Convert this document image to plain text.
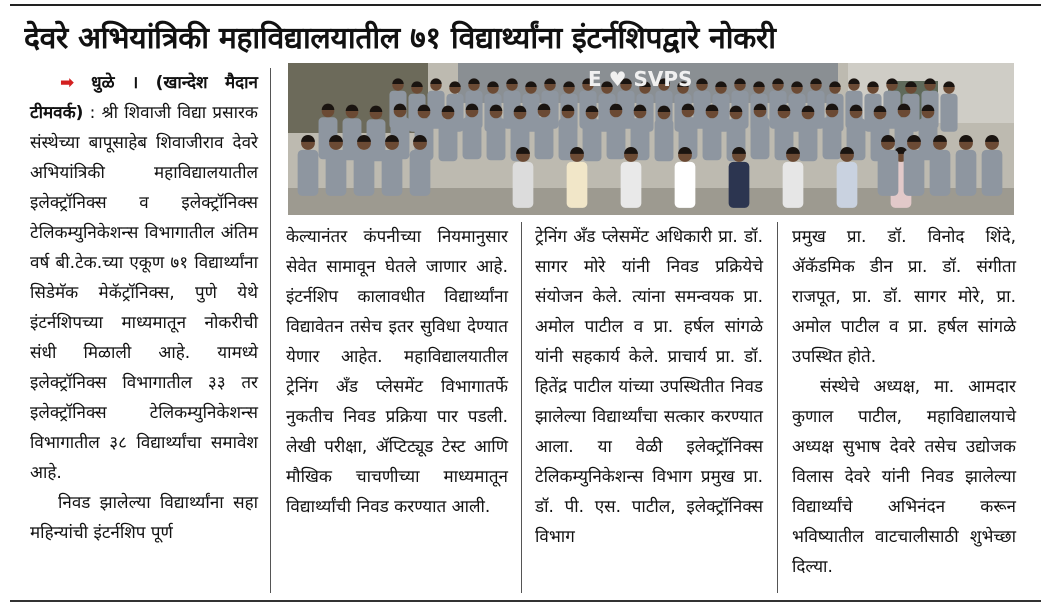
देवरे अभियांत्रिकी महाविद्यालयातील ७१ विद्यार्थ्यांना इंटर्नशिपद्वारे नोकरी
E ♥ SVPS

➡ धुळे । (खान्देश मैदान टीमवर्क) : श्री शिवाजी विद्या प्रसारक संस्थेच्या बापूसाहेब शिवाजीराव देवरे अभियांत्रिकी महाविद्यालयातील इलेक्ट्रॉनिक्स व इलेक्ट्रॉनिक्स टेलिकम्युनिकेशन्स विभागातील अंतिम वर्ष बी.टेक.च्या एकूण ७१ विद्यार्थ्यांना सिडेमॅक मेकॅट्रॉनिक्स, पुणे येथे इंटर्नशिपच्या माध्यमातून नोकरीची संधी मिळाली आहे. यामध्ये इलेक्ट्रॉनिक्स विभागातील ३३ तर इलेक्ट्रॉनिक्स टेलिकम्युनिकेशन्स विभागातील ३८ विद्यार्थ्यांचा समावेश आहे.

निवड झालेल्या विद्यार्थ्यांना सहा महिन्यांची इंटर्नशिप पूर्ण

केल्यानंतर कंपनीच्या नियमानुसार सेवेत सामावून घेतले जाणार आहे. इंटर्नशिप कालावधीत विद्यार्थ्यांना विद्यावेतन तसेच इतर सुविधा देण्यात येणार आहेत. महाविद्यालयातील ट्रेनिंग अँड प्लेसमेंट विभागातर्फे नुकतीच निवड प्रक्रिया पार पडली. लेखी परीक्षा, ॲप्टिट्यूड टेस्ट आणि मौखिक चाचणीच्या माध्यमातून विद्यार्थ्यांची निवड करण्यात आली.

ट्रेनिंग अँड प्लेसमेंट अधिकारी प्रा. डॉ. सागर मोरे यांनी निवड प्रक्रियेचे संयोजन केले. त्यांना समन्वयक प्रा. अमोल पाटील व प्रा. हर्षल सांगळे यांनी सहकार्य केले. प्राचार्य प्रा. डॉ. हितेंद्र पाटील यांच्या उपस्थितीत निवड झालेल्या विद्यार्थ्यांचा सत्कार करण्यात आला. या वेळी इलेक्ट्रॉनिक्स टेलिकम्युनिकेशन्स विभाग प्रमुख प्रा. डॉ. पी. एस. पाटील, इलेक्ट्रॉनिक्स विभाग

प्रमुख प्रा. डॉ. विनोद शिंदे, ॲकॅडमिक डीन प्रा. डॉ. संगीता राजपूत, प्रा. डॉ. सागर मोरे, प्रा. अमोल पाटील व प्रा. हर्षल सांगळे उपस्थित होते.

संस्थेचे अध्यक्ष, मा. आमदार कुणाल पाटील, महाविद्यालयाचे अध्यक्ष सुभाष देवरे तसेच उद्योजक विलास देवरे यांनी निवड झालेल्या विद्यार्थ्यांचे अभिनंदन करून भविष्यातील वाटचालीसाठी शुभेच्छा दिल्या.
